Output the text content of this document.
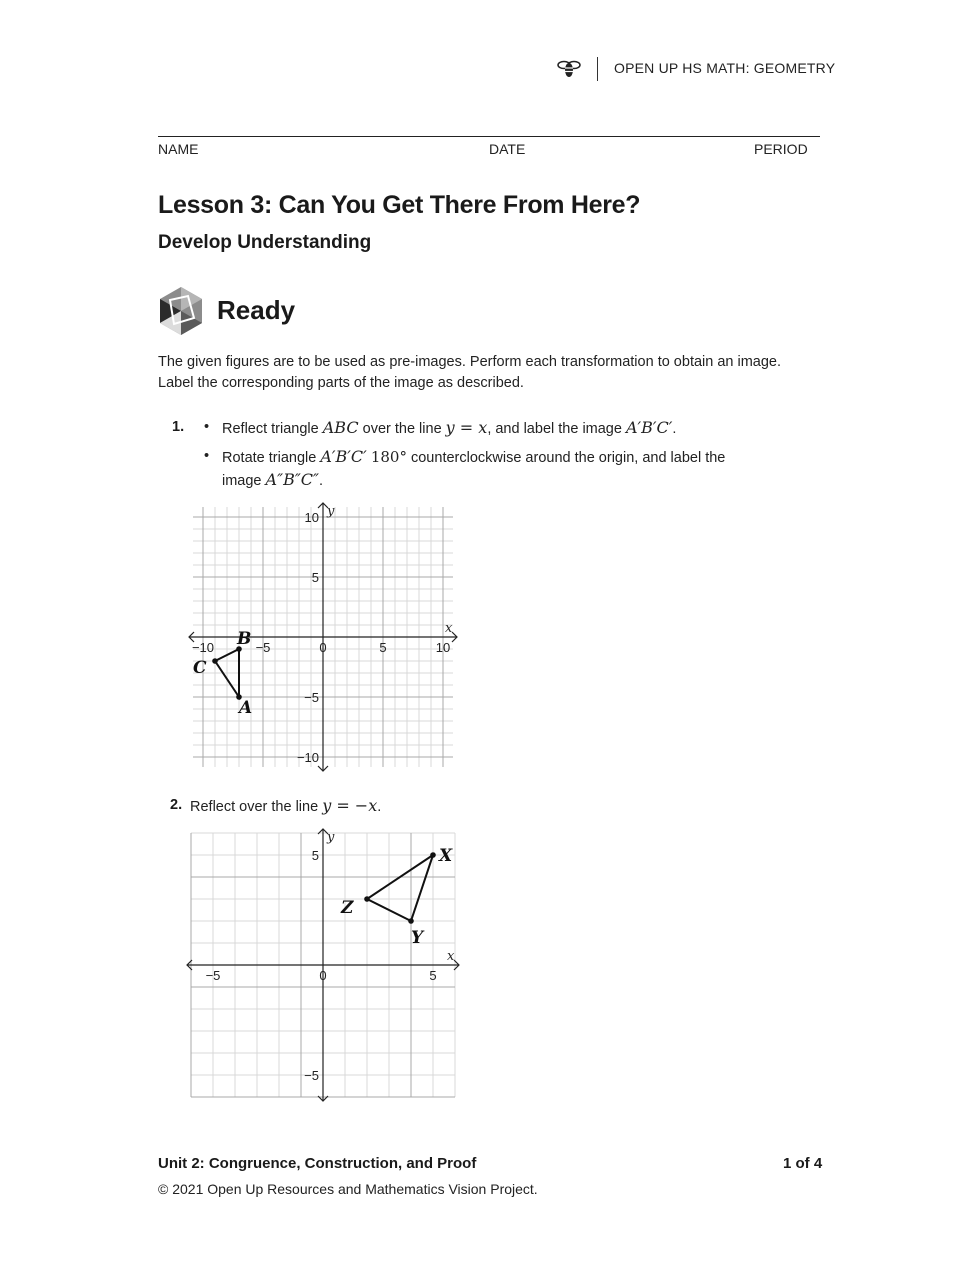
OPEN UP HS MATH: GEOMETRY
NAME	DATE	PERIOD
Lesson 3: Can You Get There From Here?
Develop Understanding
Ready

The given figures are to be used as pre-images. Perform each transformation to obtain an image.

Label the corresponding parts of the image as described.

1. • Reflect triangle ABC over the line y = x, and label the image A′B′C′.
• Rotate triangle A′B′C′ 180° counterclockwise around the origin, and label the
image A″B″C″.
x
y
−10	−5	0	5	10
10
5
−5
−10
A
B
C
2. Reflect over the line y = −x.
x
y
−5	0	5
5
−5
X
Y
Z
Unit 2: Congruence, Construction, and Proof	1 of 4
© 2021 Open Up Resources and Mathematics Vision Project.
